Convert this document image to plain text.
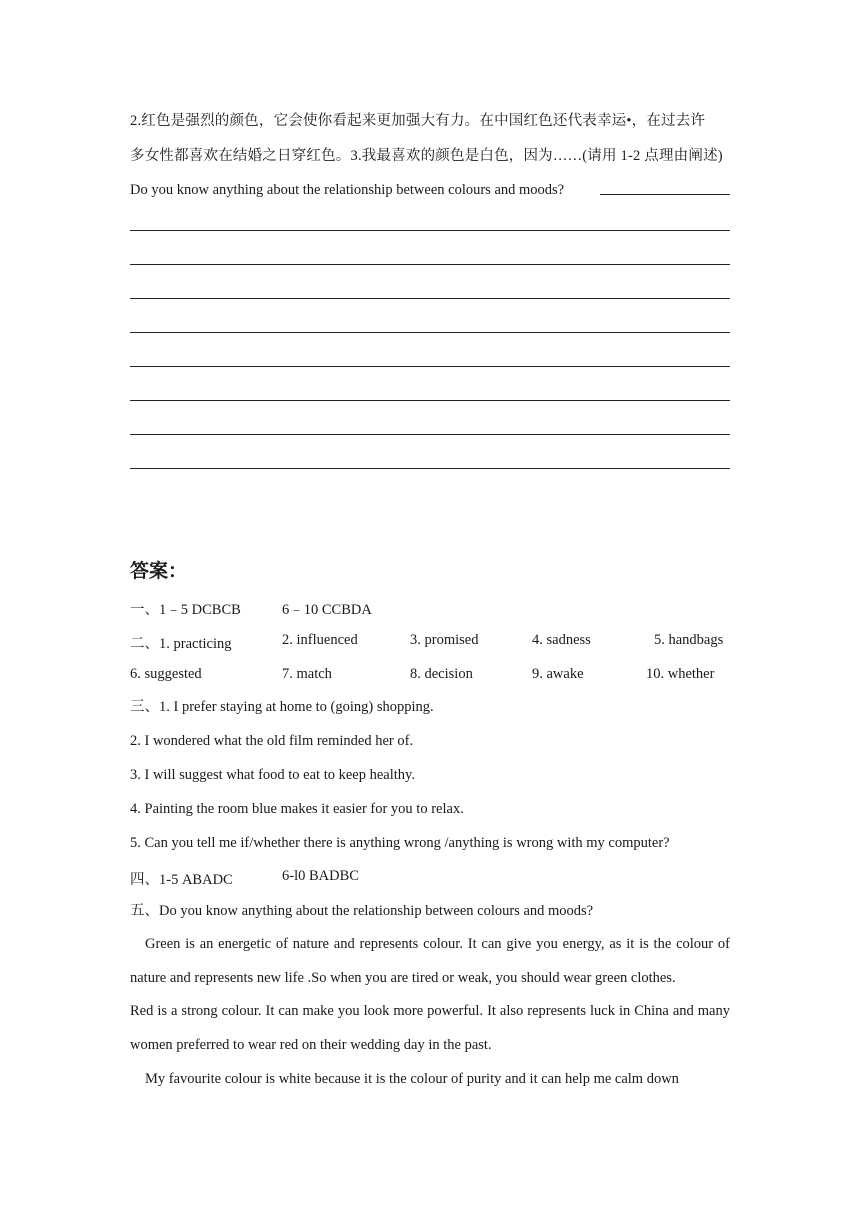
2.红色是强烈的颜色，它会使你看起来更加强大有力。在中国红色还代表幸运•，在过去许
多女性都喜欢在结婚之日穿红色。3.我最喜欢的颜色是白色，因为……(请用 1-2 点理由阐述)
Do you know anything about the relationship between colours and moods?
答案：
一、1﹣5 DCBCB	6﹣10 CCBDA
二、1. practicing	2. influenced	3. promised	4. sadness	5. handbags
6. suggested	7. match	8. decision	9. awake	10. whether
三、1. I prefer staying at home to (going) shopping.
2. I wondered what the old film reminded her of.
3. I will suggest what food to eat to keep healthy.
4. Painting the room blue makes it easier for you to relax.
5. Can you tell me if/whether there is anything wrong /anything is wrong with my computer?
四、1-5 ABADC	6-l0 BADBC
五、Do you know anything about the relationship between colours and moods?

Green is an energetic of nature and represents colour. It can give you energy, as it is the colour of nature and represents new life .So when you are tired or weak, you should wear green clothes.

Red is a strong colour. It can make you look more powerful. It also represents luck in China and many women preferred to wear red on their wedding day in the past.

My favourite colour is white because it is the colour of purity and it can help me calm down
